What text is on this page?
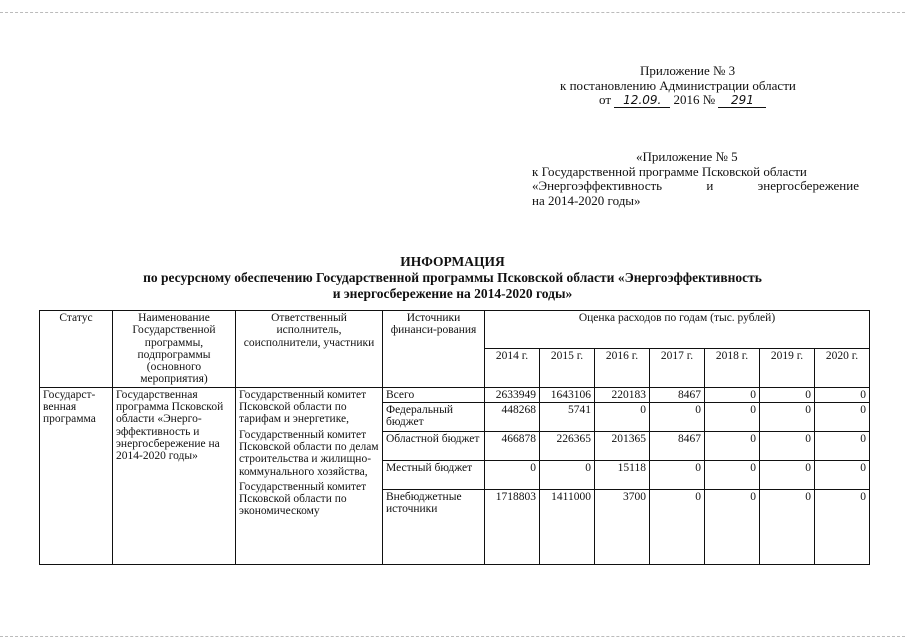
Приложение № 3
к постановлению Администрации области
от 12.09. 2016 № 291
«Приложение № 5
к Государственной программе Псковской области
«Энергоэффективность	и	энергосбережение
на 2014-2020 годы»
ИНФОРМАЦИЯ
по ресурсному обеспечению Государственной программы Псковской области «Энергоэффективность
и энергосбережение на 2014-2020 годы»
Статус	Наименование Государственной программы, подпрограммы (основного мероприятия)	Ответственный исполнитель, соисполнители, участники	Источники финанси-рования	Оценка расходов по годам (тыс. рублей)						
				2014 г.	2015 г.	2016 г.	2017 г.	2018 г.	2019 г.	2020 г.
Государст-венная программа	Государственная программа Псковской области «Энерго-эффективность и энергосбережение на 2014-2020 годы»	Государственный комитет Псковской области по тарифам и энергетике,
Государственный комитет Псковской области по делам строительства и жилищно-коммунального хозяйства,
Государственный комитет Псковской области по экономическому	Всего	2633949	1643106	220183	8467	0	0	0
			Федеральный бюджет	448268	5741	0	0	0	0	0
			Областной бюджет	466878	226365	201365	8467	0	0	0
			Местный бюджет	0	0	15118	0	0	0	0
			Внебюджетные источники	1718803	1411000	3700	0	0	0	0
